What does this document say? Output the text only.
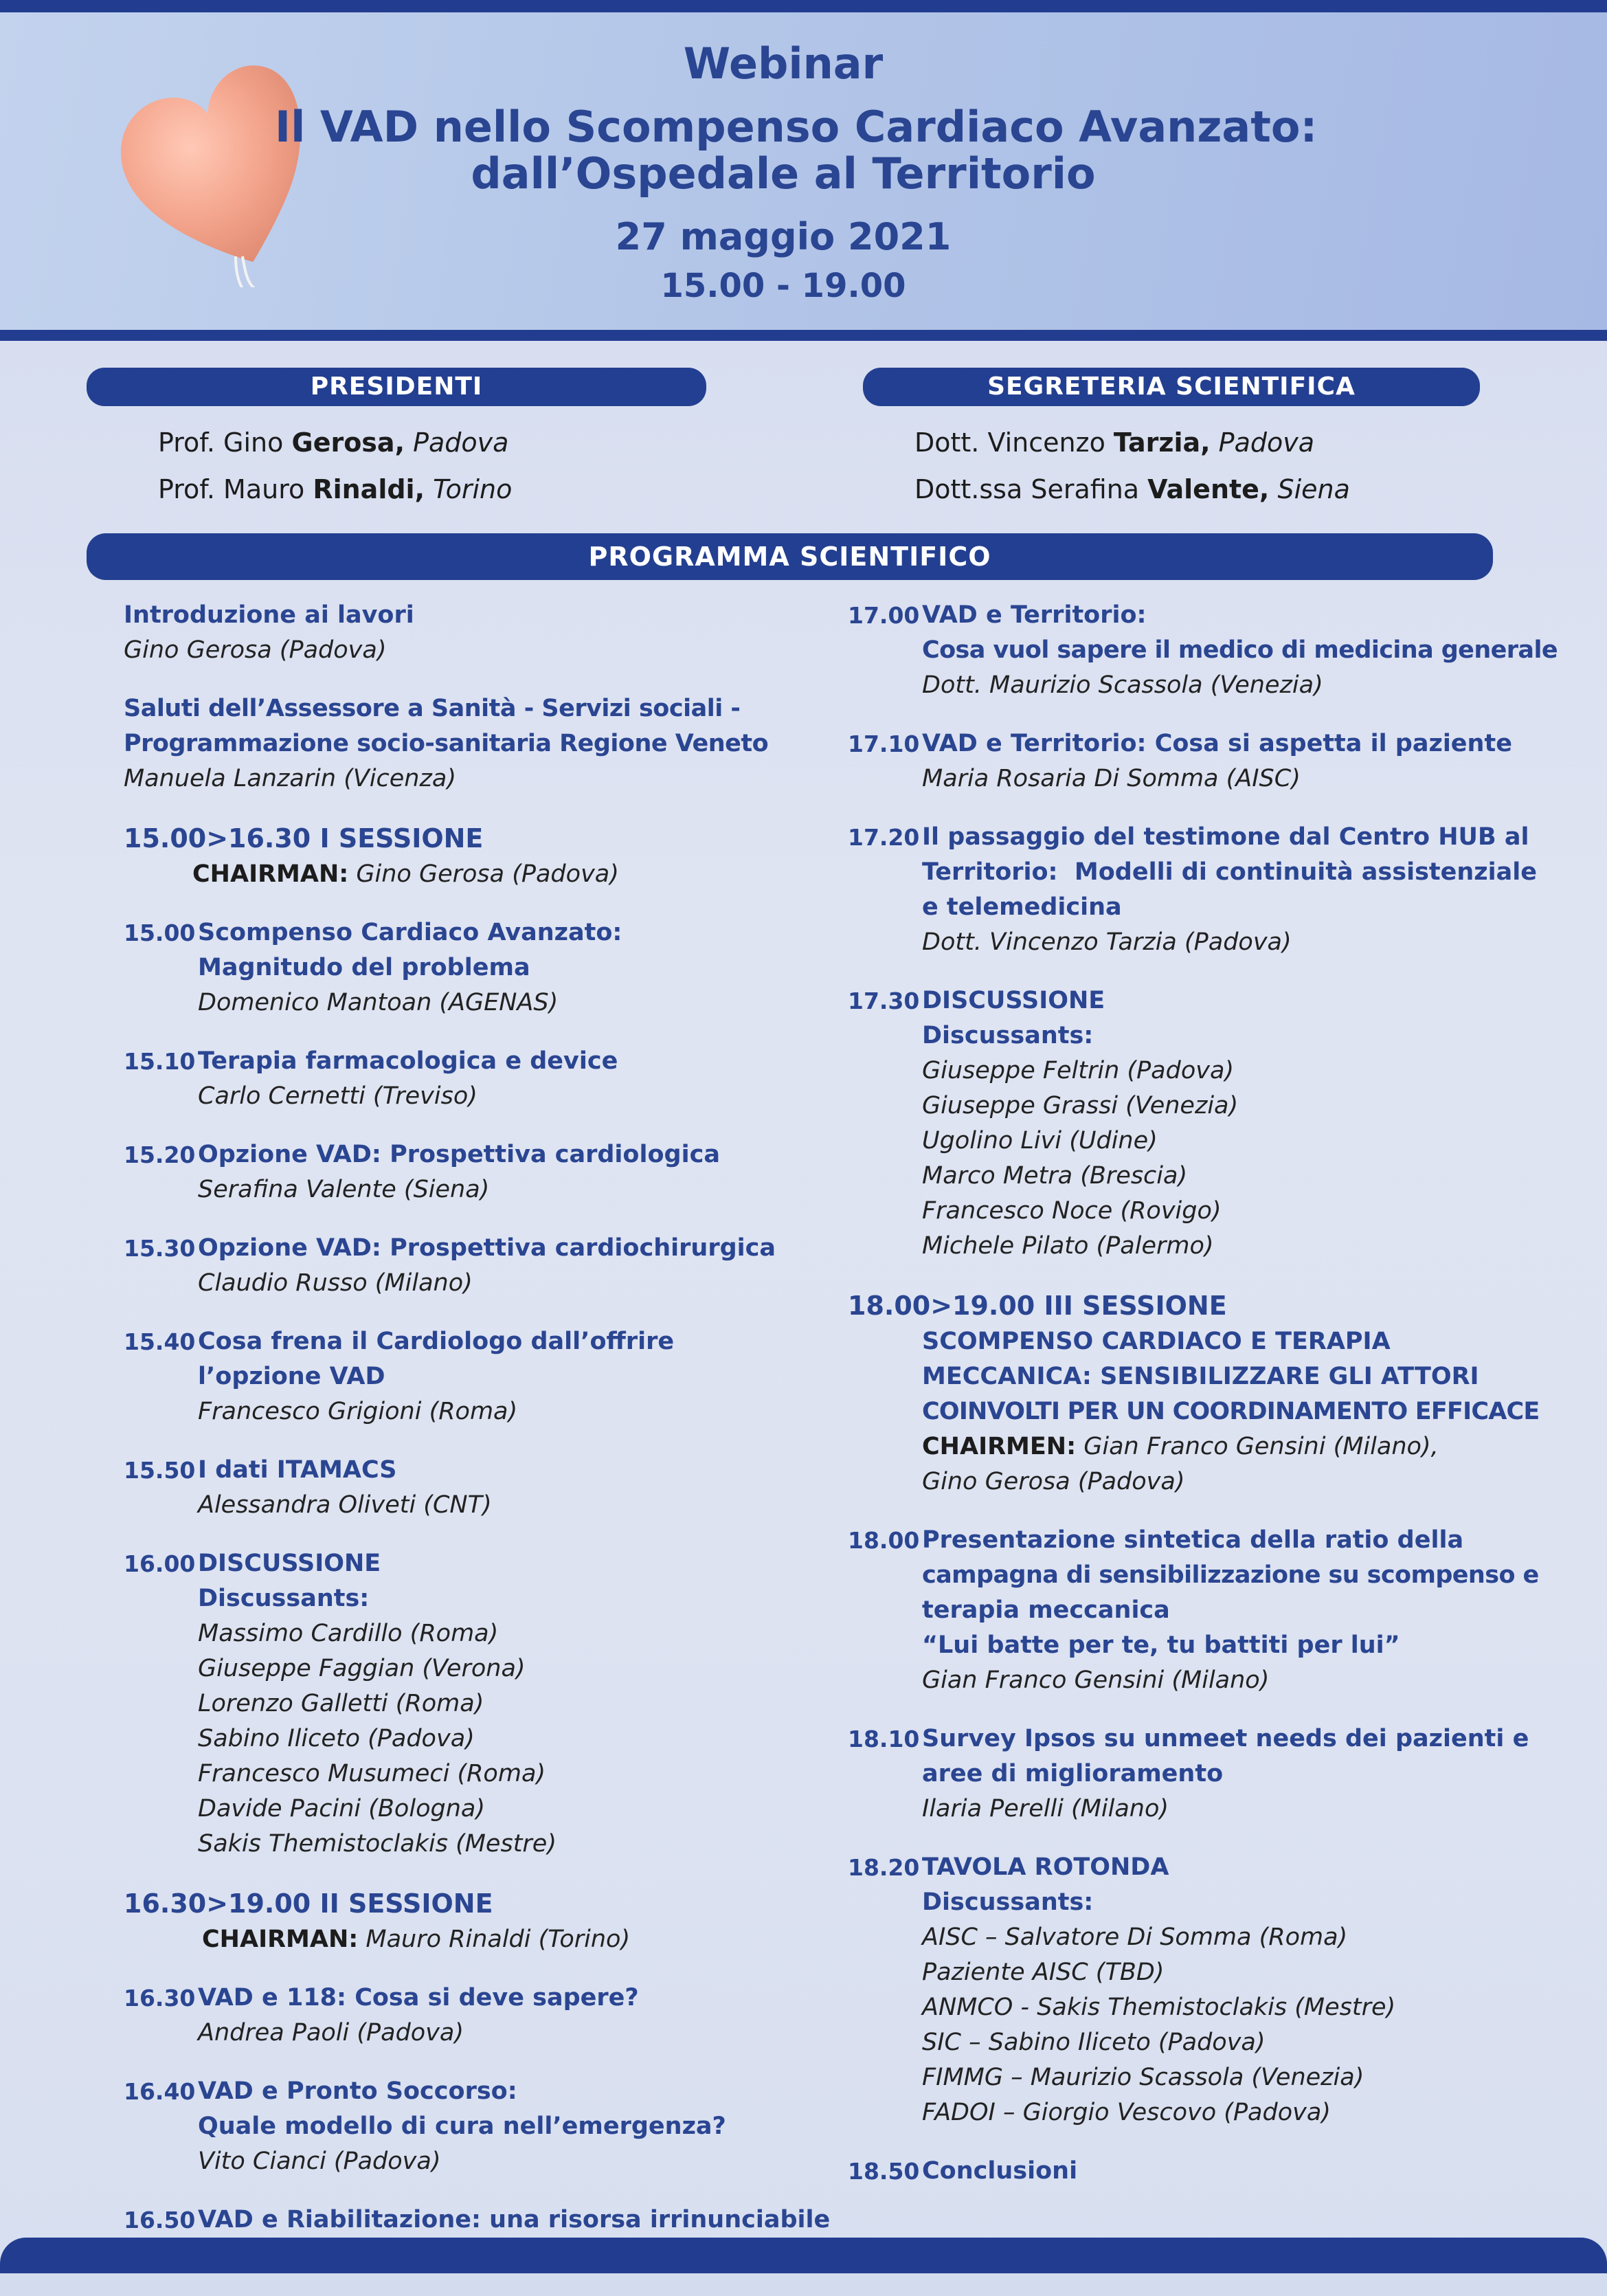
Webinar
Il VAD nello Scompenso Cardiaco Avanzato:
dall’Ospedale al Territorio
27 maggio 2021
15.00 - 19.00
PRESIDENTI
Prof. Gino Gerosa, Padova
Prof. Mauro Rinaldi, Torino
SEGRETERIA SCIENTIFICA
Dott. Vincenzo Tarzia, Padova
Dott.ssa Serafina Valente, Siena
PROGRAMMA SCIENTIFICO
Introduzione ai lavori
Gino Gerosa (Padova)
Saluti dell’Assessore a Sanità - Servizi sociali -
Programmazione socio-sanitaria Regione Veneto
Manuela Lanzarin (Vicenza)
15.00>16.30 I SESSIONE
CHAIRMAN: Gino Gerosa (Padova)
15.00 Scompenso Cardiaco Avanzato:
Magnitudo del problema
Domenico Mantoan (AGENAS)
15.10 Terapia farmacologica e device
Carlo Cernetti (Treviso)
15.20 Opzione VAD: Prospettiva cardiologica
Serafina Valente (Siena)
15.30 Opzione VAD: Prospettiva cardiochirurgica
Claudio Russo (Milano)
15.40 Cosa frena il Cardiologo dall’offrire
l’opzione VAD
Francesco Grigioni (Roma)
15.50 I dati ITAMACS
Alessandra Oliveti (CNT)
16.00 DISCUSSIONE
Discussants:
Massimo Cardillo (Roma)
Giuseppe Faggian (Verona)
Lorenzo Galletti (Roma)
Sabino Iliceto (Padova)
Francesco Musumeci (Roma)
Davide Pacini (Bologna)
Sakis Themistoclakis (Mestre)
16.30>19.00 II SESSIONE
CHAIRMAN: Mauro Rinaldi (Torino)
16.30 VAD e 118: Cosa si deve sapere?
Andrea Paoli (Padova)
16.40 VAD e Pronto Soccorso:
Quale modello di cura nell’emergenza?
Vito Cianci (Padova)
16.50 VAD e Riabilitazione: una risorsa irrinunciabile
17.00 VAD e Territorio:
Cosa vuol sapere il medico di medicina generale
Dott. Maurizio Scassola (Venezia)
17.10 VAD e Territorio: Cosa si aspetta il paziente
Maria Rosaria Di Somma (AISC)
17.20 Il passaggio del testimone dal Centro HUB al
Territorio:  Modelli di continuità assistenziale
e telemedicina
Dott. Vincenzo Tarzia (Padova)
17.30 DISCUSSIONE
Discussants:
Giuseppe Feltrin (Padova)
Giuseppe Grassi (Venezia)
Ugolino Livi (Udine)
Marco Metra (Brescia)
Francesco Noce (Rovigo)
Michele Pilato (Palermo)
18.00>19.00 III SESSIONE
SCOMPENSO CARDIACO E TERAPIA
MECCANICA: SENSIBILIZZARE GLI ATTORI
COINVOLTI PER UN COORDINAMENTO EFFICACE
CHAIRMEN: Gian Franco Gensini (Milano),
Gino Gerosa (Padova)
18.00 Presentazione sintetica della ratio della
campagna di sensibilizzazione su scompenso e
terapia meccanica
“Lui batte per te, tu battiti per lui”
Gian Franco Gensini (Milano)
18.10 Survey Ipsos su unmeet needs dei pazienti e
aree di miglioramento
Ilaria Perelli (Milano)
18.20 TAVOLA ROTONDA
Discussants:
AISC – Salvatore Di Somma (Roma)
Paziente AISC (TBD)
ANMCO - Sakis Themistoclakis (Mestre)
SIC – Sabino Iliceto (Padova)
FIMMG – Maurizio Scassola (Venezia)
FADOI – Giorgio Vescovo (Padova)
18.50 Conclusioni
